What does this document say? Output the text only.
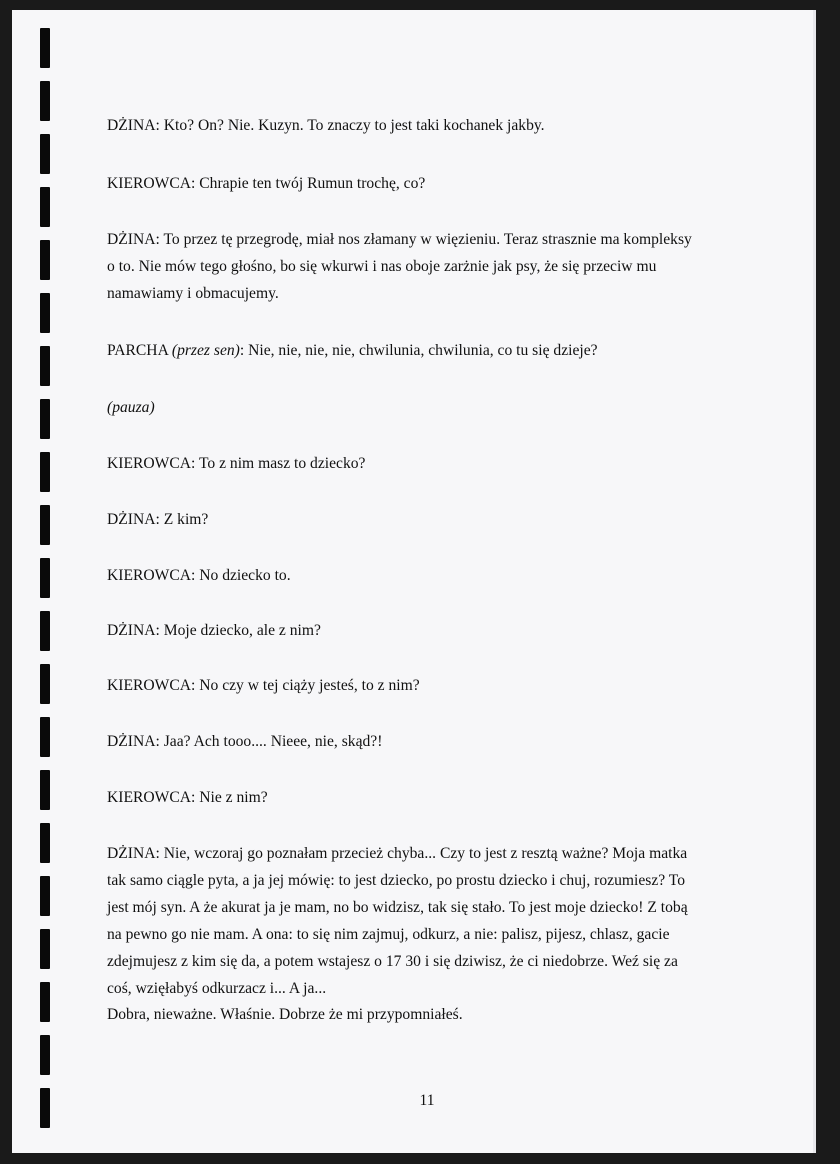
DŻINA: Kto? On? Nie. Kuzyn. To znaczy to jest taki kochanek jakby.
KIEROWCA: Chrapie ten twój Rumun trochę, co?
DŻINA: To przez tę przegrodę, miał nos złamany w więzieniu. Teraz strasznie ma kompleksy
o to. Nie mów tego głośno, bo się wkurwi i nas oboje zarżnie jak psy, że się przeciw mu
namawiamy i obmacujemy.
PARCHA (przez sen): Nie, nie, nie, nie, chwilunia, chwilunia, co tu się dzieje?
(pauza)
KIEROWCA: To z nim masz to dziecko?
DŻINA: Z kim?
KIEROWCA: No dziecko to.
DŻINA: Moje dziecko, ale z nim?
KIEROWCA: No czy w tej ciąży jesteś, to z nim?
DŻINA: Jaa? Ach tooo.... Nieee, nie, skąd?!
KIEROWCA: Nie z nim?
DŻINA: Nie, wczoraj go poznałam przecież chyba... Czy to jest z resztą ważne? Moja matka
tak samo ciągle pyta, a ja jej mówię: to jest dziecko, po prostu dziecko i chuj, rozumiesz? To
jest mój syn. A że akurat ja je mam, no bo widzisz, tak się stało. To jest moje dziecko! Z tobą
na pewno go nie mam. A ona: to się nim zajmuj, odkurz, a nie: palisz, pijesz, chlasz, gacie
zdejmujesz z kim się da, a potem wstajesz o 17 30 i się dziwisz, że ci niedobrze. Weź się za
coś, wzięłabyś odkurzacz i... A ja...
Dobra, nieważne. Właśnie. Dobrze że mi przypomniałeś.
11
